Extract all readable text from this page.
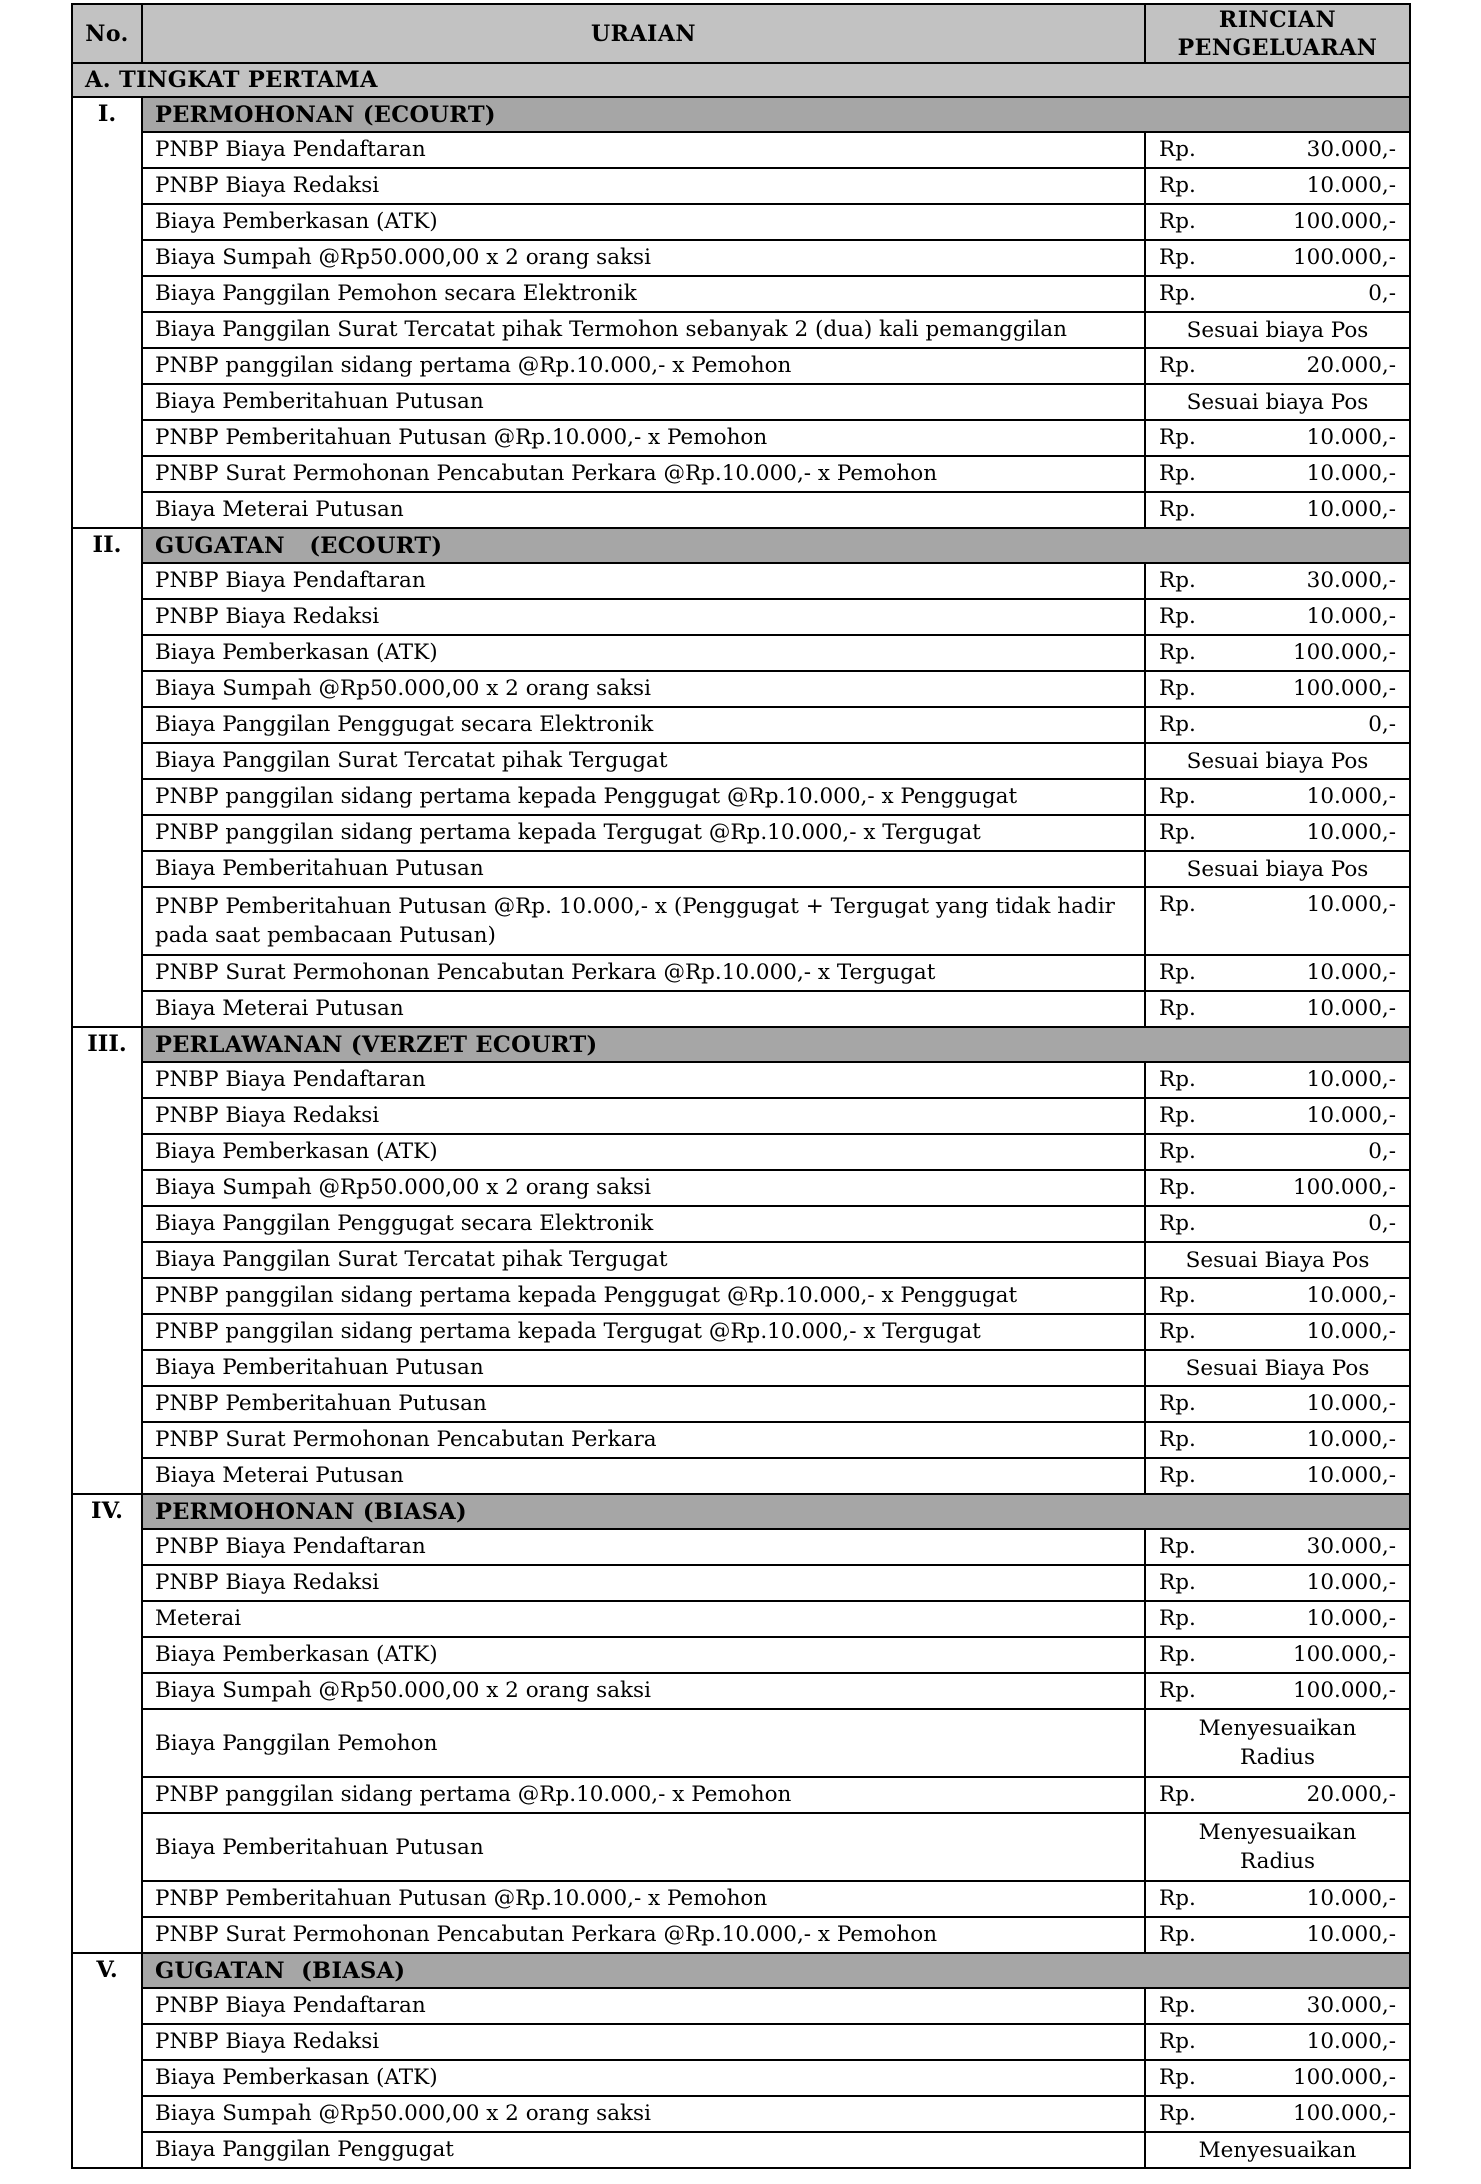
No.	URAIAN	RINCIAN PENGELUARAN
A. TINGKAT PERTAMA		
I.	PERMOHONAN (ECOURT)	
	PNBP Biaya Pendaftaran	Rp. 30.000,-

	PNBP Biaya Redaksi	Rp. 10.000,-

	Biaya Pemberkasan (ATK)	Rp. 100.000,-

	Biaya Sumpah @Rp50.000,00 x 2 orang saksi	Rp. 100.000,-

	Biaya Panggilan Pemohon secara Elektronik	Rp. 0,-

	Biaya Panggilan Surat Tercatat pihak Termohon sebanyak 2 (dua) kali pemanggilan	Sesuai biaya Pos
	PNBP panggilan sidang pertama @Rp.10.000,- x Pemohon	Rp. 20.000,-

	Biaya Pemberitahuan Putusan	Sesuai biaya Pos
	PNBP Pemberitahuan Putusan @Rp.10.000,- x Pemohon	Rp. 10.000,-

	PNBP Surat Permohonan Pencabutan Perkara @Rp.10.000,- x Pemohon	Rp. 10.000,-

	Biaya Meterai Putusan	Rp. 10.000,-

II.	GUGATAN   (ECOURT)	
	PNBP Biaya Pendaftaran	Rp. 30.000,-

	PNBP Biaya Redaksi	Rp. 10.000,-

	Biaya Pemberkasan (ATK)	Rp. 100.000,-

	Biaya Sumpah @Rp50.000,00 x 2 orang saksi	Rp. 100.000,-

	Biaya Panggilan Penggugat secara Elektronik	Rp. 0,-

	Biaya Panggilan Surat Tercatat pihak Tergugat	Sesuai biaya Pos
	PNBP panggilan sidang pertama kepada Penggugat @Rp.10.000,- x Penggugat	Rp. 10.000,-

	PNBP panggilan sidang pertama kepada Tergugat @Rp.10.000,- x Tergugat	Rp. 10.000,-

	Biaya Pemberitahuan Putusan	Sesuai biaya Pos
	PNBP Pemberitahuan Putusan @Rp. 10.000,- x (Penggugat + Tergugat yang tidak hadir pada saat pembacaan Putusan)	Rp. 10.000,-

	PNBP Surat Permohonan Pencabutan Perkara @Rp.10.000,- x Tergugat	Rp. 10.000,-

	Biaya Meterai Putusan	Rp. 10.000,-

III.	PERLAWANAN (VERZET ECOURT)	
	PNBP Biaya Pendaftaran	Rp. 10.000,-

	PNBP Biaya Redaksi	Rp. 10.000,-

	Biaya Pemberkasan (ATK)	Rp. 0,-

	Biaya Sumpah @Rp50.000,00 x 2 orang saksi	Rp. 100.000,-

	Biaya Panggilan Penggugat secara Elektronik	Rp. 0,-

	Biaya Panggilan Surat Tercatat pihak Tergugat	Sesuai Biaya Pos
	PNBP panggilan sidang pertama kepada Penggugat @Rp.10.000,- x Penggugat	Rp. 10.000,-

	PNBP panggilan sidang pertama kepada Tergugat @Rp.10.000,- x Tergugat	Rp. 10.000,-

	Biaya Pemberitahuan Putusan	Sesuai Biaya Pos
	PNBP Pemberitahuan Putusan	Rp. 10.000,-

	PNBP Surat Permohonan Pencabutan Perkara	Rp. 10.000,-

	Biaya Meterai Putusan	Rp. 10.000,-

IV.	PERMOHONAN (BIASA)	
	PNBP Biaya Pendaftaran	Rp. 30.000,-

	PNBP Biaya Redaksi	Rp. 10.000,-

	Meterai	Rp. 10.000,-

	Biaya Pemberkasan (ATK)	Rp. 100.000,-

	Biaya Sumpah @Rp50.000,00 x 2 orang saksi	Rp. 100.000,-

	Biaya Panggilan Pemohon	Menyesuaikan Radius
	PNBP panggilan sidang pertama @Rp.10.000,- x Pemohon	Rp. 20.000,-

	Biaya Pemberitahuan Putusan	Menyesuaikan Radius
	PNBP Pemberitahuan Putusan @Rp.10.000,- x Pemohon	Rp. 10.000,-

	PNBP Surat Permohonan Pencabutan Perkara @Rp.10.000,- x Pemohon	Rp. 10.000,-

V.	GUGATAN  (BIASA)	
	PNBP Biaya Pendaftaran	Rp. 30.000,-

	PNBP Biaya Redaksi	Rp. 10.000,-

	Biaya Pemberkasan (ATK)	Rp. 100.000,-

	Biaya Sumpah @Rp50.000,00 x 2 orang saksi	Rp. 100.000,-

	Biaya Panggilan Penggugat	Menyesuaikan
